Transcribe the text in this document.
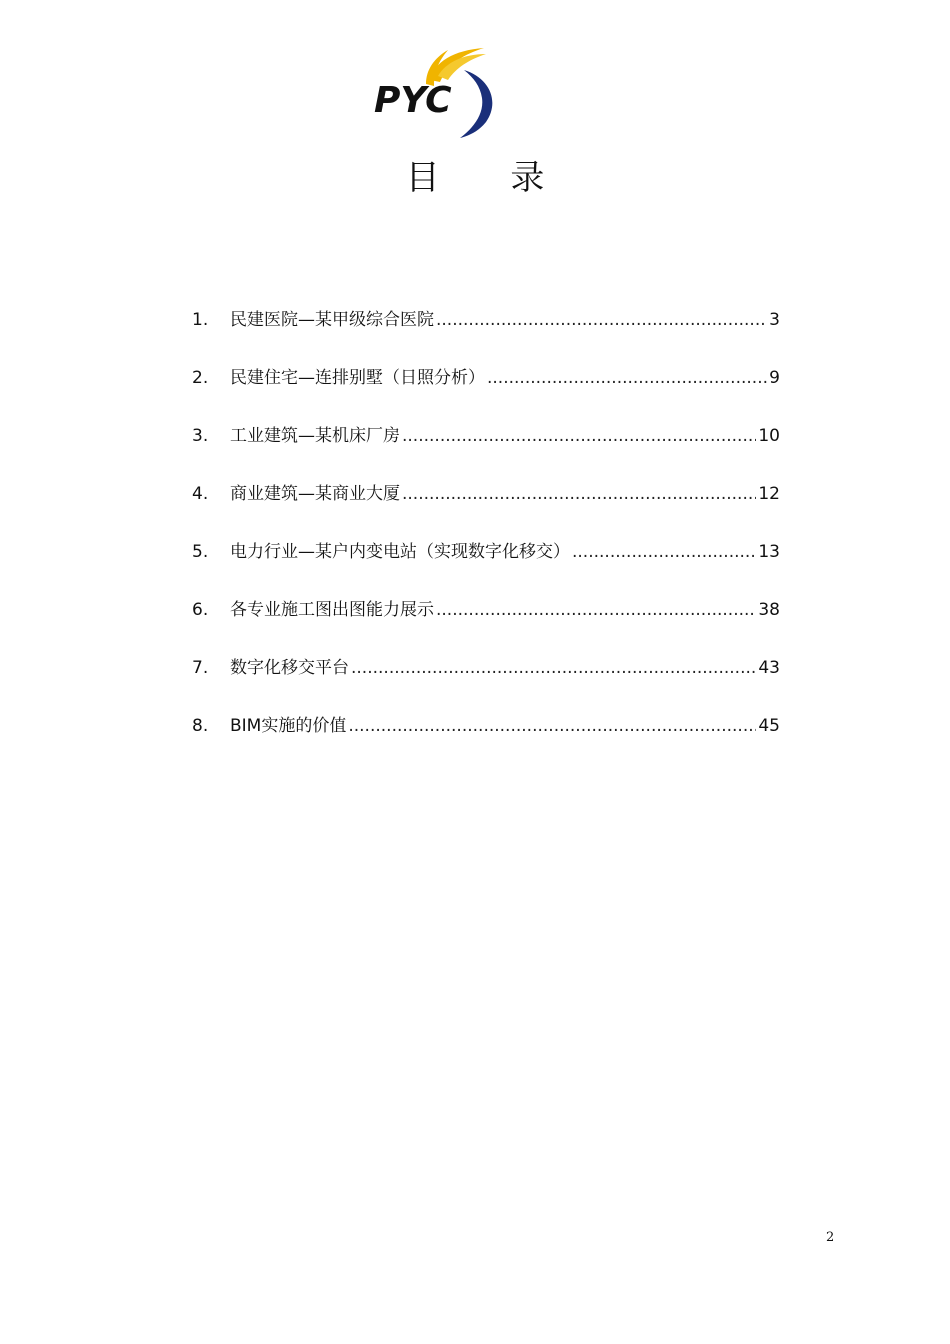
PYC
目 录
1.	民建医院—某甲级综合医院 .....	3
2.	民建住宅—连排别墅（日照分析） .....	9
3.	工业建筑—某机床厂房 .....	10
4.	商业建筑—某商业大厦 .....	12
5.	电力行业—某户内变电站（实现数字化移交） .....	13
6.	各专业施工图出图能力展示 .....	38
7.	数字化移交平台 .....	43
8.	BIM实施的价值 .....	45
2
